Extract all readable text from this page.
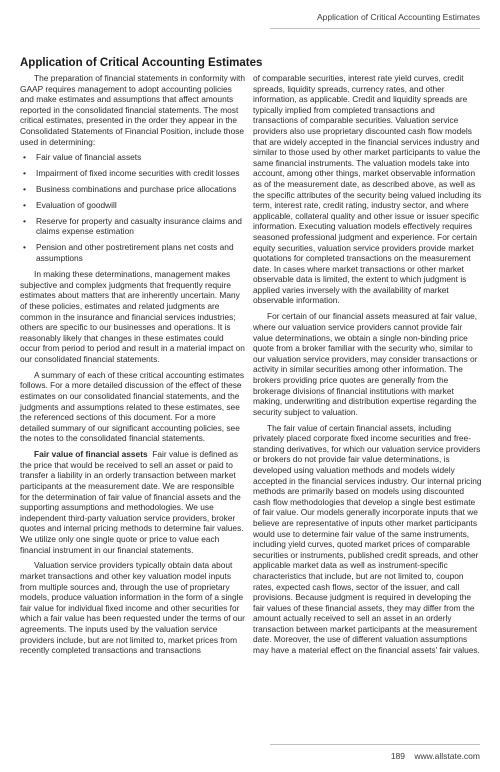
Application of Critical Accounting Estimates
Application of Critical Accounting Estimates

The preparation of financial statements in conformity with GAAP requires management to adopt accounting policies and make estimates and assumptions that affect amounts reported in the consolidated financial statements. The most critical estimates, presented in the order they appear in the Consolidated Statements of Financial Position, include those used in determining:

• Fair value of financial assets
• Impairment of fixed income securities with credit losses
• Business combinations and purchase price allocations
• Evaluation of goodwill
• Reserve for property and casualty insurance claims and claims expense estimation
• Pension and other postretirement plans net costs and assumptions

In making these determinations, management makes subjective and complex judgments that frequently require estimates about matters that are inherently uncertain. Many of these policies, estimates and related judgments are common in the insurance and financial services industries; others are specific to our businesses and operations. It is reasonably likely that changes in these estimates could occur from period to period and result in a material impact on our consolidated financial statements.

A summary of each of these critical accounting estimates follows. For a more detailed discussion of the effect of these estimates on our consolidated financial statements, and the judgments and assumptions related to these estimates, see the referenced sections of this document. For a more detailed summary of our significant accounting policies, see the notes to the consolidated financial statements.

Fair value of financial assets Fair value is defined as the price that would be received to sell an asset or paid to transfer a liability in an orderly transaction between market participants at the measurement date. We are responsible for the determination of fair value of financial assets and the supporting assumptions and methodologies. We use independent third-party valuation service providers, broker quotes and internal pricing methods to determine fair values. We utilize only one single quote or price to value each financial instrument in our financial statements.

Valuation service providers typically obtain data about market transactions and other key valuation model inputs from multiple sources and, through the use of proprietary models, produce valuation information in the form of a single fair value for individual fixed income and other securities for which a fair value has been requested under the terms of our agreements. The inputs used by the valuation service providers include, but are not limited to, market prices from recently completed transactions and transactions

of comparable securities, interest rate yield curves, credit spreads, liquidity spreads, currency rates, and other information, as applicable. Credit and liquidity spreads are typically implied from completed transactions and transactions of comparable securities. Valuation service providers also use proprietary discounted cash flow models that are widely accepted in the financial services industry and similar to those used by other market participants to value the same financial instruments. The valuation models take into account, among other things, market observable information as of the measurement date, as described above, as well as the specific attributes of the security being valued including its term, interest rate, credit rating, industry sector, and where applicable, collateral quality and other issue or issuer specific information. Executing valuation models effectively requires seasoned professional judgment and experience. For certain equity securities, valuation service providers provide market quotations for completed transactions on the measurement date. In cases where market transactions or other market observable data is limited, the extent to which judgment is applied varies inversely with the availability of market observable information.

For certain of our financial assets measured at fair value, where our valuation service providers cannot provide fair value determinations, we obtain a single non-binding price quote from a broker familiar with the security who, similar to our valuation service providers, may consider transactions or activity in similar securities among other information. The brokers providing price quotes are generally from the brokerage divisions of financial institutions with market making, underwriting and distribution expertise regarding the security subject to valuation.

The fair value of certain financial assets, including privately placed corporate fixed income securities and free-standing derivatives, for which our valuation service providers or brokers do not provide fair value determinations, is developed using valuation methods and models widely accepted in the financial services industry. Our internal pricing methods are primarily based on models using discounted cash flow methodologies that develop a single best estimate of fair value. Our models generally incorporate inputs that we believe are representative of inputs other market participants would use to determine fair value of the same instruments, including yield curves, quoted market prices of comparable securities or instruments, published credit spreads, and other applicable market data as well as instrument-specific characteristics that include, but are not limited to, coupon rates, expected cash flows, sector of the issuer, and call provisions. Because judgment is required in developing the fair values of these financial assets, they may differ from the amount actually received to sell an asset in an orderly transaction between market participants at the measurement date. Moreover, the use of different valuation assumptions may have a material effect on the financial assets' fair values.

189 www.allstate.com
